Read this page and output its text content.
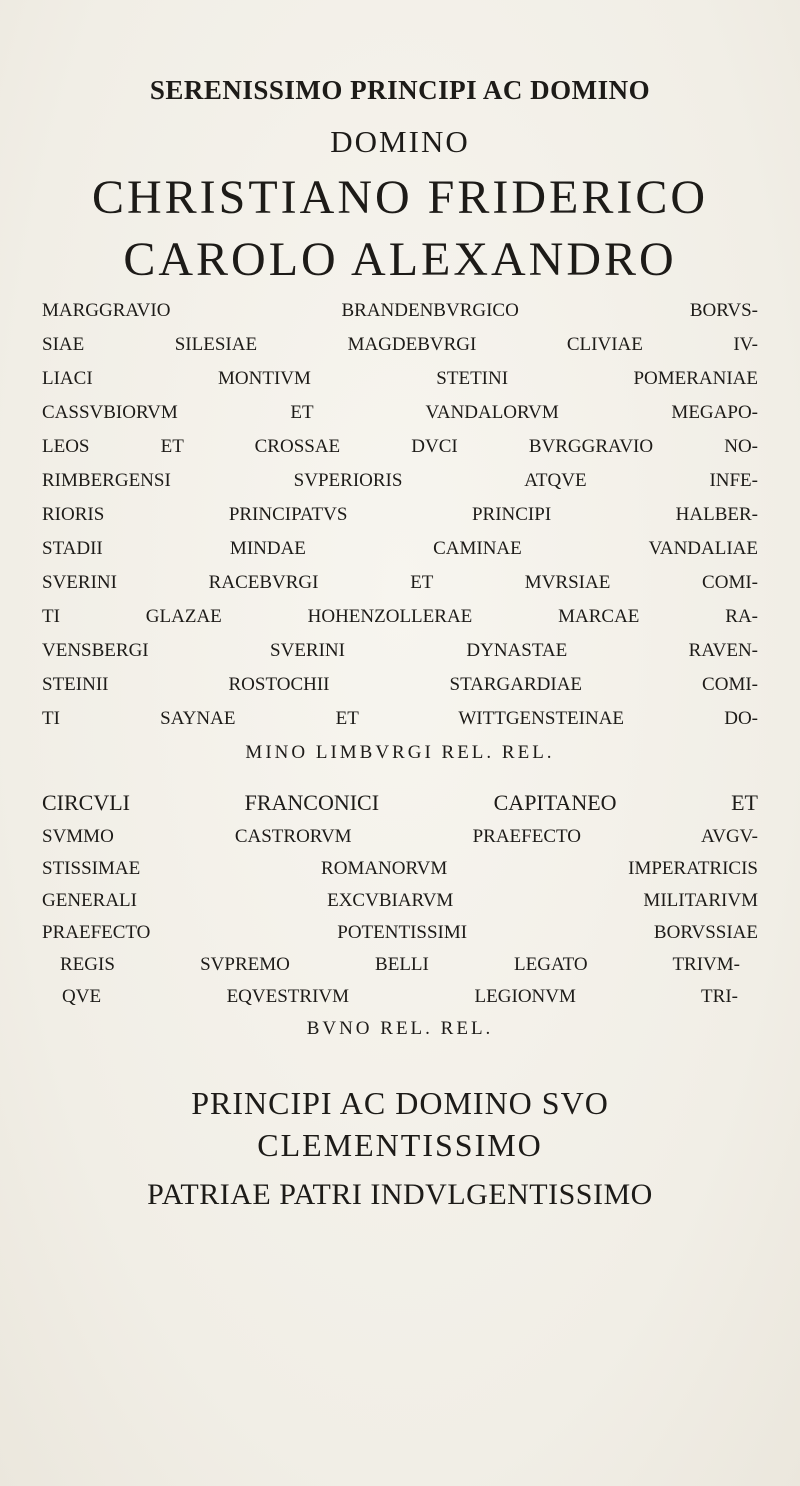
SERENISSIMO PRINCIPI AC DOMINO
DOMINO
CHRISTIANO FRIDERICO
CAROLO ALEXANDRO
MARGGRAVIO BRANDENBVRGICO BORVS-
SIAE SILESIAE MAGDEBVRGI CLIVIAE IV-
LIACI MONTIVM STETINI POMERANIAE
CASSVBIORVM ET VANDALORVM MEGAPO-
LEOS ET CROSSAE DVCI BVRGGRAVIO NO-
RIMBERGENSI SVPERIORIS ATQVE INFE-
RIORIS PRINCIPATVS PRINCIPI HALBER-
STADII MINDAE CAMINAE VANDALIAE
SVERINI RACEBVRGI ET MVRSIAE COMI-
TI GLAZAE HOHENZOLLERAE MARCAE RA-
VENSBERGI SVERINI DYNASTAE RAVEN-
STEINII ROSTOCHII STARGARDIAE COMI-
TI SAYNAE ET WITTGENSTEINAE DO-
MINO LIMBVRGI REL. REL.
CIRCVLI FRANCONICI CAPITANEO ET
SVMMO CASTRORVM PRAEFECTO AVGV-
STISSIMAE ROMANORVM IMPERATRICIS
GENERALI EXCVBIARVM MILITARIVM
PRAEFECTO POTENTISSIMI BORVSSIAE
REGIS SVPREMO BELLI LEGATO TRIVM-
QVE EQVESTRIVM LEGIONVM TRI-
BVNO REL. REL.
PRINCIPI AC DOMINO SVO
CLEMENTISSIMO
PATRIAE PATRI INDVLGENTISSIMO
